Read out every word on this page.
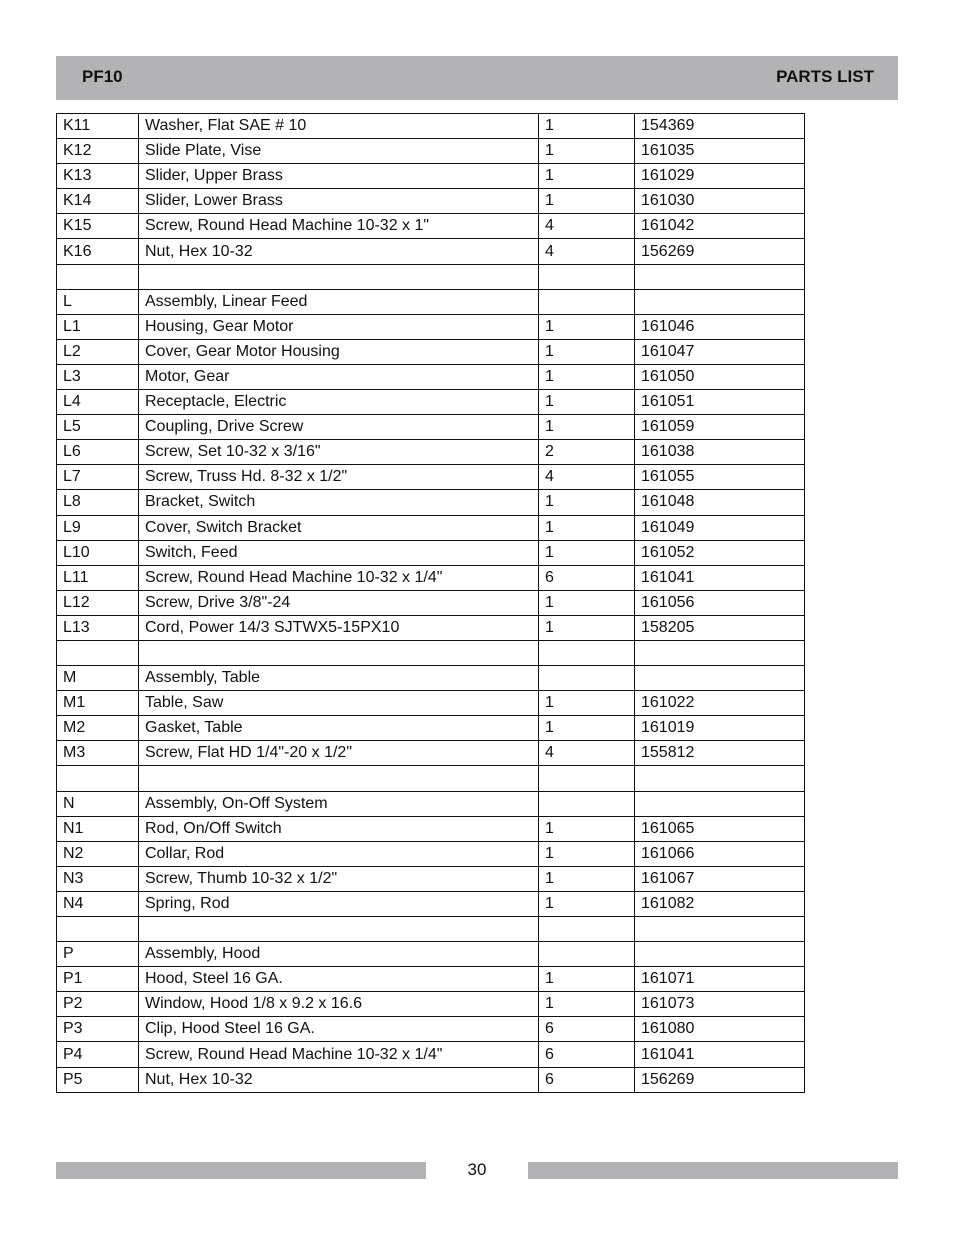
PF10	PARTS LIST
K11	Washer, Flat SAE # 10	1	154369
K12	Slide Plate, Vise	1	161035
K13	Slider, Upper Brass	1	161029
K14	Slider, Lower Brass	1	161030
K15	Screw, Round Head Machine 10-32 x 1"	4	161042
K16	Nut, Hex 10-32	4	156269

L	Assembly, Linear Feed		
L1	Housing, Gear Motor	1	161046
L2	Cover, Gear Motor Housing	1	161047
L3	Motor, Gear	1	161050
L4	Receptacle, Electric	1	161051
L5	Coupling, Drive Screw	1	161059
L6	Screw, Set 10-32 x 3/16"	2	161038
L7	Screw, Truss Hd. 8-32 x 1/2"	4	161055
L8	Bracket, Switch	1	161048
L9	Cover, Switch Bracket	1	161049
L10	Switch, Feed	1	161052
L11	Screw, Round Head Machine 10-32 x 1/4"	6	161041
L12	Screw, Drive 3/8"-24	1	161056
L13	Cord, Power 14/3 SJTWX5-15PX10	1	158205

M	Assembly, Table		
M1	Table, Saw	1	161022
M2	Gasket, Table	1	161019
M3	Screw, Flat HD 1/4"-20 x 1/2"	4	155812

N	Assembly, On-Off System		
N1	Rod, On/Off Switch	1	161065
N2	Collar, Rod	1	161066
N3	Screw, Thumb 10-32 x 1/2"	1	161067
N4	Spring, Rod	1	161082

P	Assembly, Hood		
P1	Hood, Steel 16 GA.	1	161071
P2	Window, Hood 1/8 x 9.2 x 16.6	1	161073
P3	Clip, Hood Steel 16 GA.	6	161080
P4	Screw, Round Head Machine 10-32 x 1/4"	6	161041
P5	Nut, Hex 10-32	6	156269
30
